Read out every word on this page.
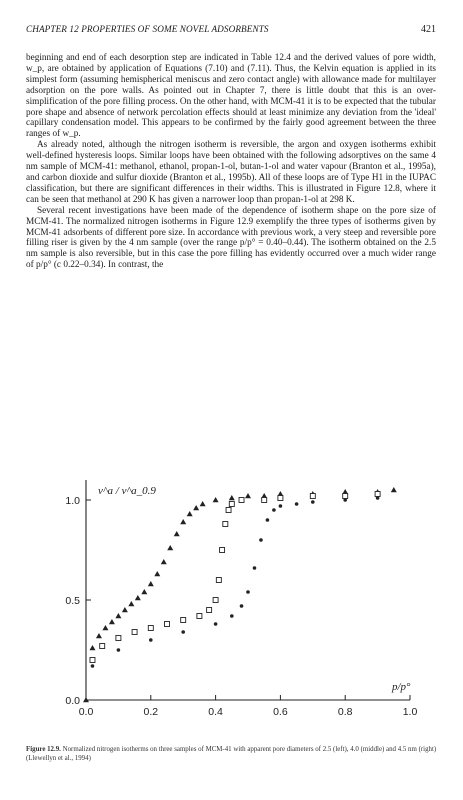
CHAPTER 12 PROPERTIES OF SOME NOVEL ADSORBENTS	421

beginning and end of each desorption step are indicated in Table 12.4 and the derived values of pore width, w_p, are obtained by application of Equations (7.10) and (7.11). Thus, the Kelvin equation is applied in its simplest form (assuming hemispherical meniscus and zero contact angle) with allowance made for multilayer adsorption on the pore walls. As pointed out in Chapter 7, there is little doubt that this is an over-simplification of the pore filling process. On the other hand, with MCM-41 it is to be expected that the tubular pore shape and absence of network percolation effects should at least minimize any deviation from the 'ideal' capillary condensation model. This appears to be confirmed by the fairly good agreement between the three ranges of w_p.

As already noted, although the nitrogen isotherm is reversible, the argon and oxygen isotherms exhibit well-defined hysteresis loops. Similar loops have been obtained with the following adsorptives on the same 4 nm sample of MCM-41: methanol, ethanol, propan-1-ol, butan-1-ol and water vapour (Branton et al., 1995a), and carbon dioxide and sulfur dioxide (Branton et al., 1995b). All of these loops are of Type H1 in the IUPAC classification, but there are significant differences in their widths. This is illustrated in Figure 12.8, where it can be seen that methanol at 290 K has given a narrower loop than propan-1-ol at 298 K.

Several recent investigations have been made of the dependence of isotherm shape on the pore size of MCM-41. The normalized nitrogen isotherms in Figure 12.9 exemplify the three types of isotherms given by MCM-41 adsorbents of different pore size. In accordance with previous work, a very steep and reversible pore filling riser is given by the 4 nm sample (over the range p/p° = 0.40–0.44). The isotherm obtained on the 2.5 nm sample is also reversible, but in this case the pore filling has evidently occurred over a much wider range of p/p° (c 0.22–0.34). In contrast, the

0.0	0.2	0.4	0.6	0.8	1.0
0.0
0.5
1.0
v^a / v^a_0.9
p/p°
Figure 12.9. Normalized nitrogen isotherms on three samples of MCM-41 with apparent pore diameters of 2.5 (left), 4.0 (middle) and 4.5 nm (right) (Llewellyn et al., 1994)
